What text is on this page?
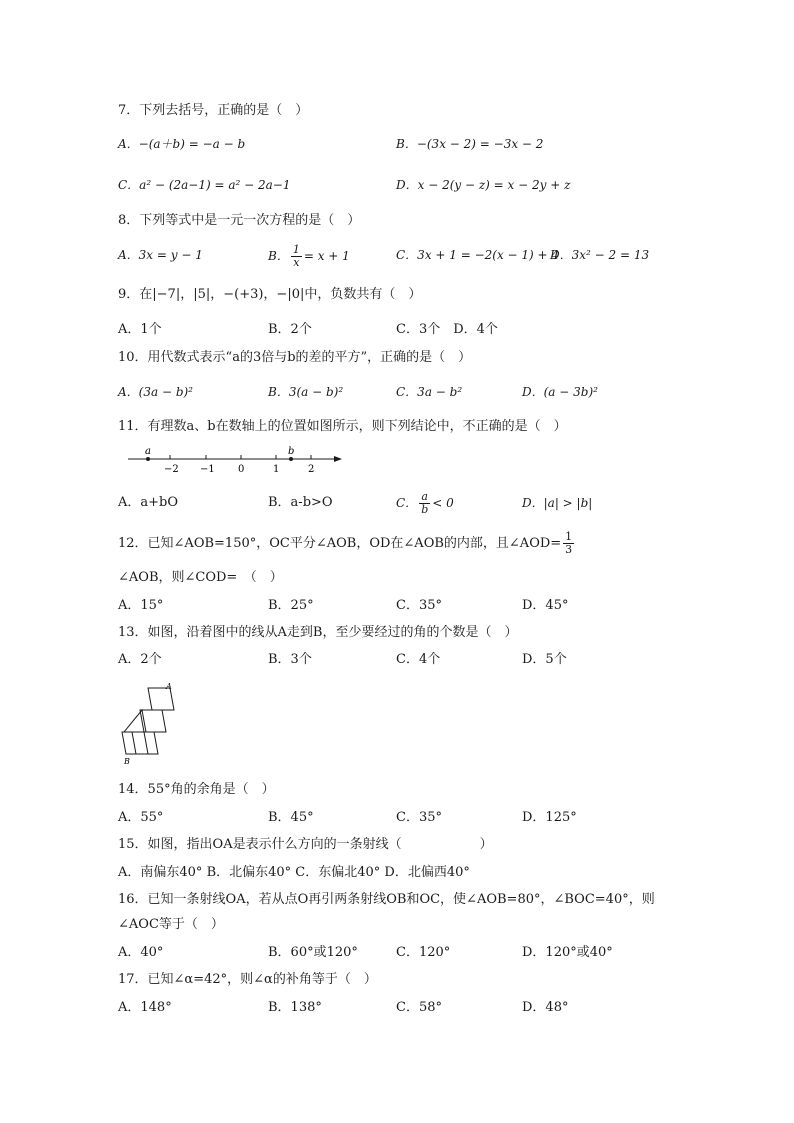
7．下列去括号，正确的是（　）
A．−(a＋b) = −a − b	B．−(3x − 2) = −3x − 2
C．a² − (2a−1) = a² − 2a−1	D．x − 2(y − z) = x − 2y + z
8．下列等式中是一元一次方程的是（　）
A．3x = y − 1	B． $\frac{1}{x} = x + 1$	C．3x + 1 = −2(x − 1) + 4
D．3x² − 2 = 13
9．在|−7|，|5|，−(+3)，−|0|中，负数共有（　）
A．1个	B．2个	C．3个　D．4个
10．用代数式表示“a的3倍与b的差的平方”，正确的是（　）
A．(3a − b)²	B．3(a − b)²	C．3a − b²	D．(a − 3b)²
11．有理数a、b在数轴上的位置如图所示，则下列结论中，不正确的是（　）
a	b
−2 −1 0	1	2
A．a+bO	B．a-b>O	C． $\frac{a}{b} < 0$	D．|a| > |b|
12．已知∠AOB=150°，OC平分∠AOB，OD在∠AOB的内部，且∠AOD= $\frac{1}{3}$
∠AOB，则∠COD=　（　）
A．15°	B．25°	C．35°	D．45°
13．如图，沿着图中的线从A走到B，至少要经过的角的个数是（　）
A．2个	B．3个	C．4个	D．5个
A
B
14．55°角的余角是（　）
A．55°	B．45°	C．35°	D．125°
15．如图，指出OA是表示什么方向的一条射线（　　　　　　）
A．南偏东40° B．北偏东40° C．东偏北40° D．北偏西40°
16．已知一条射线OA，若从点O再引两条射线OB和OC，使∠AOB=80°，∠BOC=40°，则
∠AOC等于（　）
A．40°	B．60°或120°	C．120°	D．120°或40°
17．已知∠α=42°，则∠α的补角等于（　）
A．148°	B．138°	C．58°	D．48°
